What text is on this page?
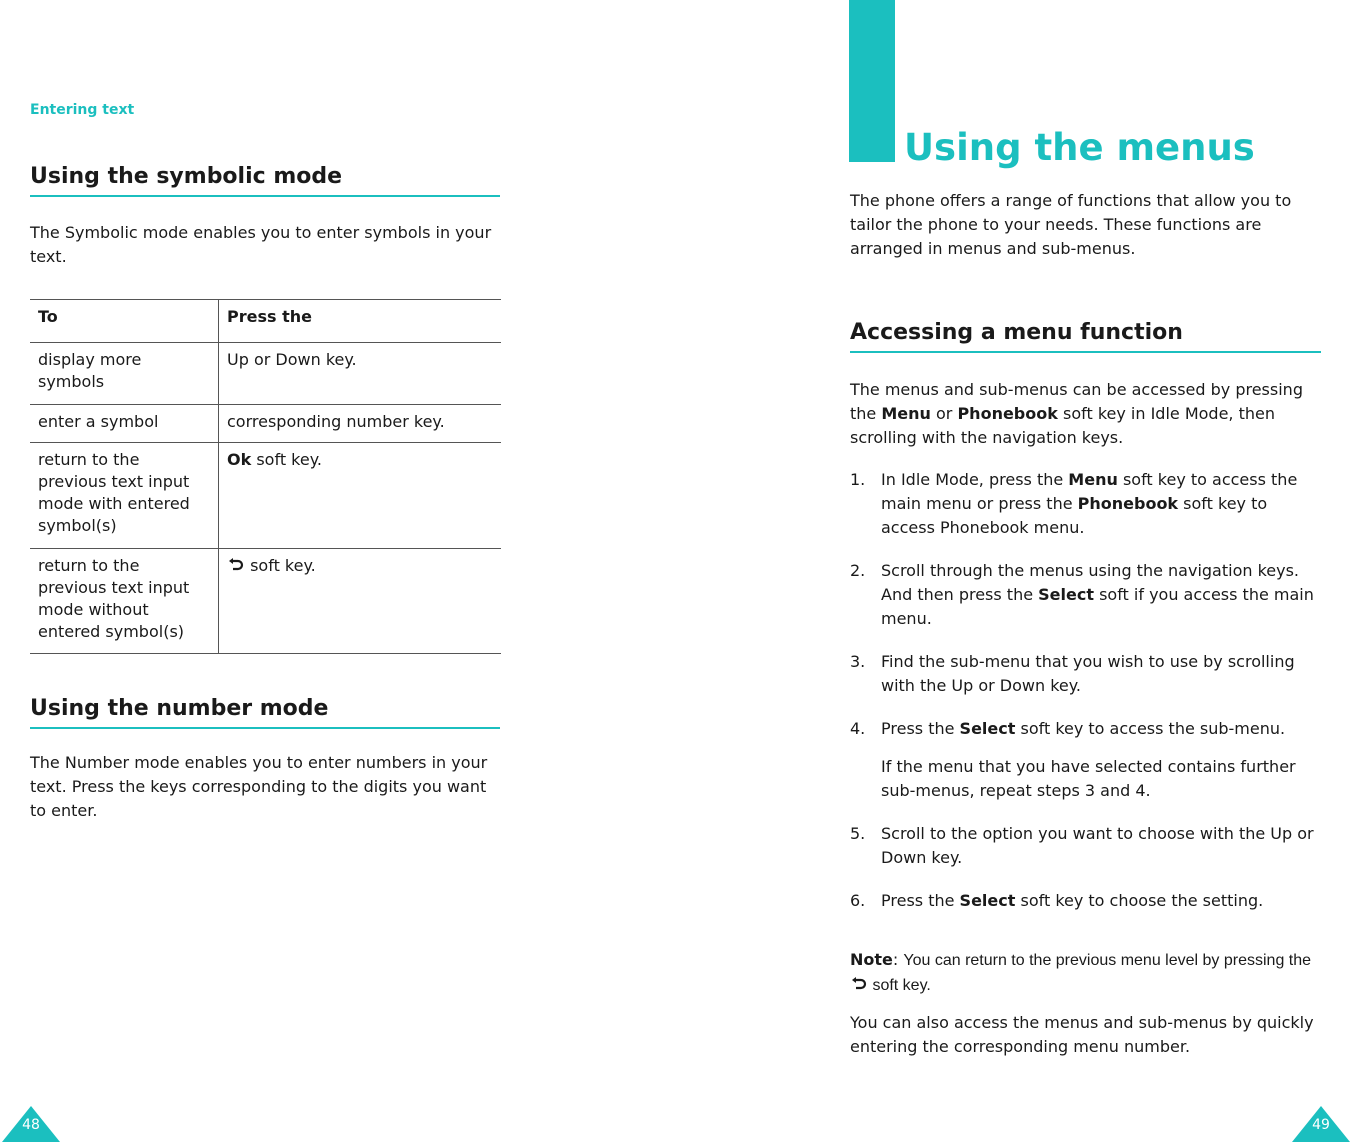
Entering text
Using the symbolic mode

The Symbolic mode enables you to enter symbols in your text.

To	Press the
display more symbols	Up or Down key.
enter a symbol	corresponding number key.
return to the previous text input mode with entered symbol(s)	Ok soft key.
return to the previous text input mode without entered symbol(s)	soft key.
Using the number mode

The Number mode enables you to enter numbers in your text. Press the keys corresponding to the digits you want to enter.

48
Using the menus

The phone offers a range of functions that allow you to tailor the phone to your needs. These functions are arranged in menus and sub-menus.

Accessing a menu function

The menus and sub-menus can be accessed by pressing the Menu or Phonebook soft key in Idle Mode, then scrolling with the navigation keys.

1. In Idle Mode, press the Menu soft key to access the main menu or press the Phonebook soft key to access Phonebook menu.
2. Scroll through the menus using the navigation keys. And then press the Select soft if you access the main menu.
3. Find the sub-menu that you wish to use by scrolling with the Up or Down key.
4. Press the Select soft key to access the sub-menu.
If the menu that you have selected contains further sub-menus, repeat steps 3 and 4.
5. Scroll to the option you want to choose with the Up or Down key.
6. Press the Select soft key to choose the setting.
Note: You can return to the previous menu level by pressing the  soft key.

You can also access the menus and sub-menus by quickly entering the corresponding menu number.

49
